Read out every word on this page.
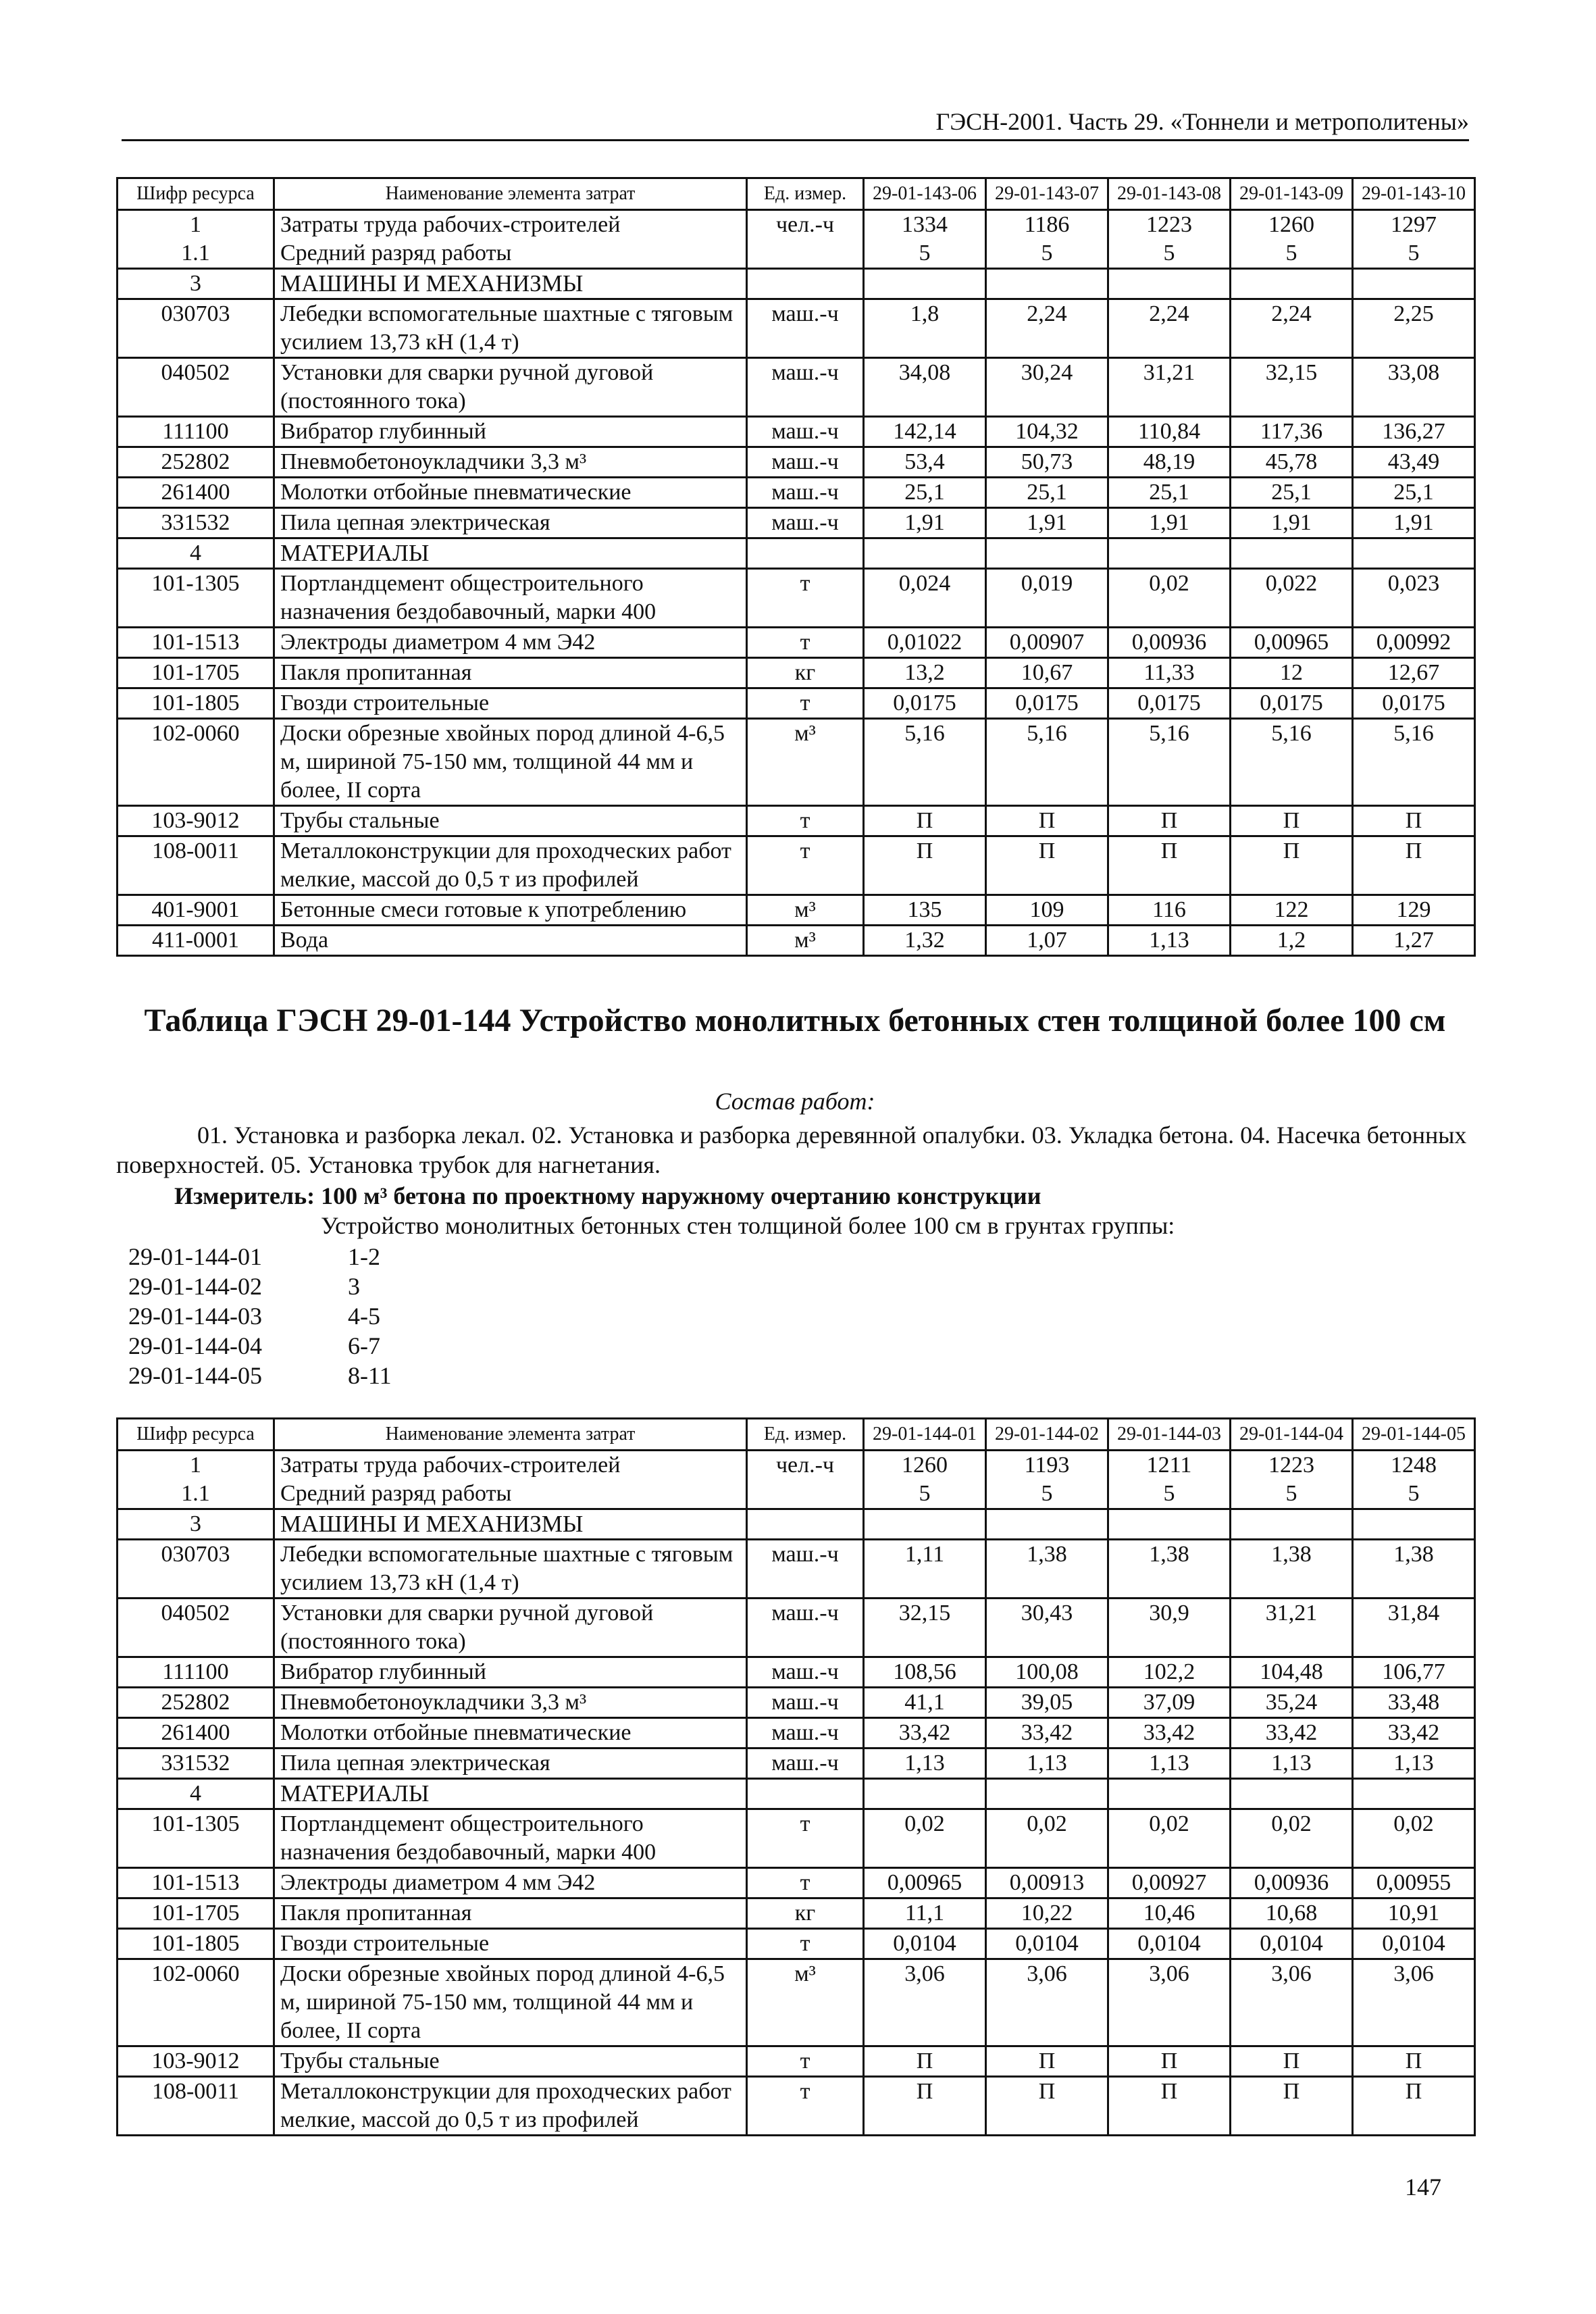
ГЭСН-2001. Часть 29. «Тоннели и метрополитены»
Шифр ресурса	Наименование элемента затрат	Ед. измер.	29-01-143-06	29-01-143-07	29-01-143-08	29-01-143-09	29-01-143-10
1	Затраты труда рабочих-строителей	чел.-ч	1334	1186	1223	1260	1297
1.1	Средний разряд работы		5	5	5	5	5
3	МАШИНЫ И МЕХАНИЗМЫ						
030703	Лебедки вспомогательные шахтные с тяговым усилием 13,73 кН (1,4 т)	маш.-ч	1,8	2,24	2,24	2,24	2,25
040502	Установки для сварки ручной дуговой (постоянного тока)	маш.-ч	34,08	30,24	31,21	32,15	33,08
111100	Вибратор глубинный	маш.-ч	142,14	104,32	110,84	117,36	136,27
252802	Пневмобетоноукладчики 3,3 м³	маш.-ч	53,4	50,73	48,19	45,78	43,49
261400	Молотки отбойные пневматические	маш.-ч	25,1	25,1	25,1	25,1	25,1
331532	Пила цепная электрическая	маш.-ч	1,91	1,91	1,91	1,91	1,91
4	МАТЕРИАЛЫ						
101-1305	Портландцемент общестроительного назначения бездобавочный, марки 400	т	0,024	0,019	0,02	0,022	0,023
101-1513	Электроды диаметром 4 мм Э42	т	0,01022	0,00907	0,00936	0,00965	0,00992
101-1705	Пакля пропитанная	кг	13,2	10,67	11,33	12	12,67
101-1805	Гвозди строительные	т	0,0175	0,0175	0,0175	0,0175	0,0175
102-0060	Доски обрезные хвойных пород длиной 4-6,5 м, шириной 75-150 мм, толщиной 44 мм и более, II сорта	м³	5,16	5,16	5,16	5,16	5,16
103-9012	Трубы стальные	т	П	П	П	П	П
108-0011	Металлоконструкции для проходческих работ мелкие, массой до 0,5 т из профилей	т	П	П	П	П	П
401-9001	Бетонные смеси готовые к употреблению	м³	135	109	116	122	129
411-0001	Вода	м³	1,32	1,07	1,13	1,2	1,27
Таблица ГЭСН 29-01-144 Устройство монолитных бетонных стен толщиной более 100 см
Состав работ:
01. Установка и разборка лекал. 02. Установка и разборка деревянной опалубки. 03. Укладка бетона. 04. Насечка бетонных поверхностей. 05. Установка трубок для нагнетания.
Измеритель: 100 м³ бетона по проектному наружному очертанию конструкции
Устройство монолитных бетонных стен толщиной более 100 см в грунтах группы:
29-01-144-01	1-2
29-01-144-02	3
29-01-144-03	4-5
29-01-144-04	6-7
29-01-144-05	8-11
Шифр ресурса	Наименование элемента затрат	Ед. измер.	29-01-144-01	29-01-144-02	29-01-144-03	29-01-144-04	29-01-144-05
1	Затраты труда рабочих-строителей	чел.-ч	1260	1193	1211	1223	1248
1.1	Средний разряд работы		5	5	5	5	5
3	МАШИНЫ И МЕХАНИЗМЫ						
030703	Лебедки вспомогательные шахтные с тяговым усилием 13,73 кН (1,4 т)	маш.-ч	1,11	1,38	1,38	1,38	1,38
040502	Установки для сварки ручной дуговой (постоянного тока)	маш.-ч	32,15	30,43	30,9	31,21	31,84
111100	Вибратор глубинный	маш.-ч	108,56	100,08	102,2	104,48	106,77
252802	Пневмобетоноукладчики 3,3 м³	маш.-ч	41,1	39,05	37,09	35,24	33,48
261400	Молотки отбойные пневматические	маш.-ч	33,42	33,42	33,42	33,42	33,42
331532	Пила цепная электрическая	маш.-ч	1,13	1,13	1,13	1,13	1,13
4	МАТЕРИАЛЫ						
101-1305	Портландцемент общестроительного назначения бездобавочный, марки 400	т	0,02	0,02	0,02	0,02	0,02
101-1513	Электроды диаметром 4 мм Э42	т	0,00965	0,00913	0,00927	0,00936	0,00955
101-1705	Пакля пропитанная	кг	11,1	10,22	10,46	10,68	10,91
101-1805	Гвозди строительные	т	0,0104	0,0104	0,0104	0,0104	0,0104
102-0060	Доски обрезные хвойных пород длиной 4-6,5 м, шириной 75-150 мм, толщиной 44 мм и более, II сорта	м³	3,06	3,06	3,06	3,06	3,06
103-9012	Трубы стальные	т	П	П	П	П	П
108-0011	Металлоконструкции для проходческих работ мелкие, массой до 0,5 т из профилей	т	П	П	П	П	П
147
